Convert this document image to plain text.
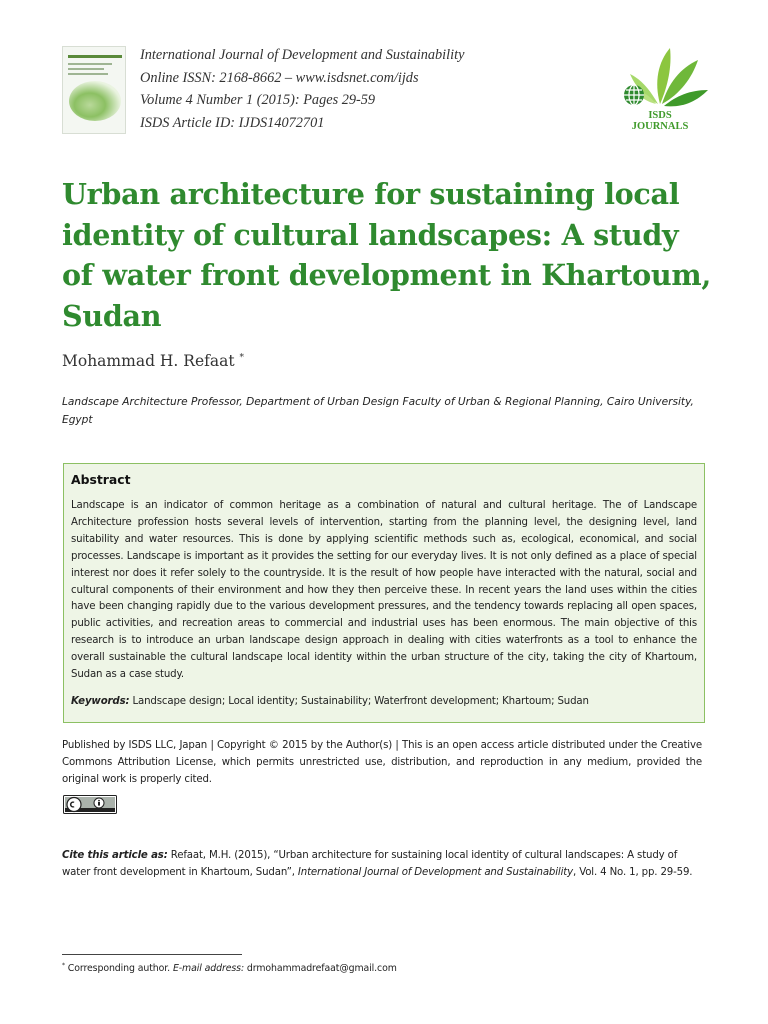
International Journal of Development and Sustainability
Online ISSN: 2168-8662 – www.isdsnet.com/ijds
Volume 4 Number 1 (2015): Pages 29-59
ISDS Article ID: IJDS14072701	ISDS
JOURNALS
Urban architecture for sustaining local identity of cultural landscapes: A study of water front development in Khartoum, Sudan
Mohammad H. Refaat *
Landscape Architecture Professor, Department of Urban Design Faculty of Urban & Regional Planning, Cairo University, Egypt
Abstract

Landscape is an indicator of common heritage as a combination of natural and cultural heritage. The of Landscape Architecture profession hosts several levels of intervention, starting from the planning level, the designing level, land suitability and water resources. This is done by applying scientific methods such as, ecological, economical, and social processes. Landscape is important as it provides the setting for our everyday lives. It is not only defined as a place of special interest nor does it refer solely to the countryside. It is the result of how people have interacted with the natural, social and cultural components of their environment and how they then perceive these. In recent years the land uses within the cities have been changing rapidly due to the various development pressures, and the tendency towards replacing all open spaces, public activities, and recreation areas to commercial and industrial uses has been enormous. The main objective of this research is to introduce an urban landscape design approach in dealing with cities waterfronts as a tool to enhance the overall sustainable the cultural landscape local identity within the urban structure of the city, taking the city of Khartoum, Sudan as a case study.

Keywords: Landscape design; Local identity; Sustainability; Waterfront development; Khartoum; Sudan

Published by ISDS LLC, Japan | Copyright © 2015 by the Author(s) | This is an open access article distributed under the Creative Commons Attribution License, which permits unrestricted use, distribution, and reproduction in any medium, provided the original work is properly cited.

Cite this article as: Refaat, M.H. (2015), “Urban architecture for sustaining local identity of cultural landscapes: A study of water front development in Khartoum, Sudan”, International Journal of Development and Sustainability, Vol. 4 No. 1, pp. 29-59.

* Corresponding author. E-mail address: drmohammadrefaat@gmail.com
